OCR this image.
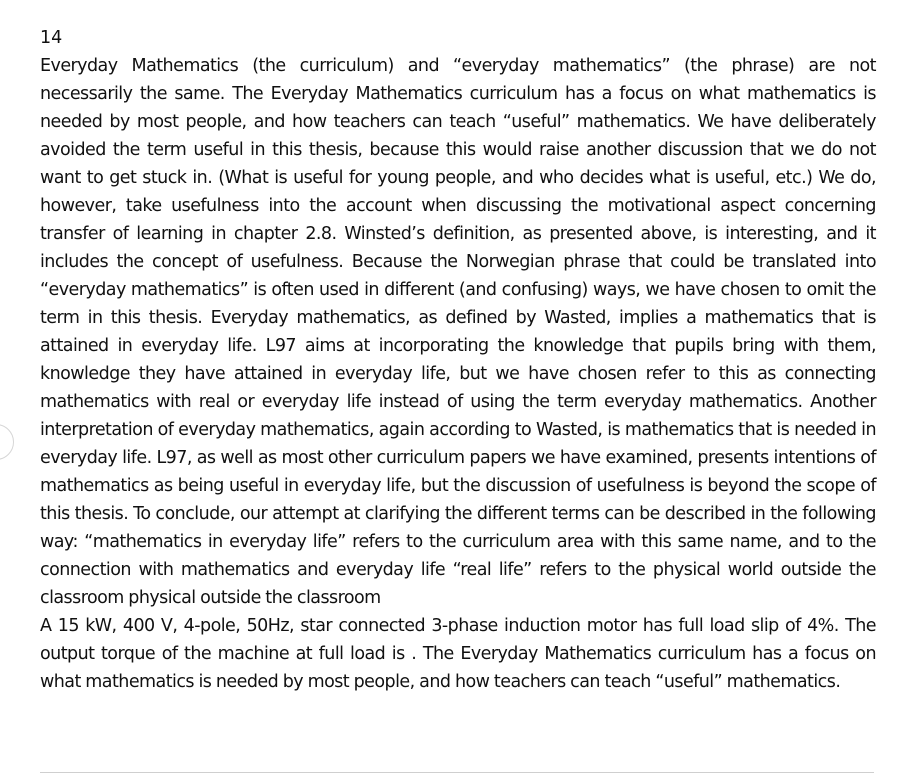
14

Everyday Mathematics (the curriculum) and “everyday mathematics” (the phrase) are not necessarily the same. The Everyday Mathematics curriculum has a focus on what mathematics is needed by most people, and how teachers can teach “useful” mathematics. We have deliberately avoided the term useful in this thesis, because this would raise another discussion that we do not want to get stuck in. (What is useful for young people, and who decides what is useful, etc.) We do, however, take usefulness into the account when discussing the motivational aspect concerning transfer of learning in chapter 2.8. Winsted’s definition, as presented above, is interesting, and it includes the concept of usefulness. Because the Norwegian phrase that could be translated into “everyday mathematics” is often used in different (and confusing) ways, we have chosen to omit the term in this thesis. Everyday mathematics, as defined by Wasted, implies a mathematics that is attained in everyday life. L97 aims at incorporating the knowledge that pupils bring with them, knowledge they have attained in everyday life, but we have chosen refer to this as connecting mathematics with real or everyday life instead of using the term everyday mathematics. Another interpretation of everyday mathematics, again according to Wasted, is mathematics that is needed in everyday life. L97, as well as most other curriculum papers we have examined, presents intentions of mathematics as being useful in everyday life, but the discussion of usefulness is beyond the scope of this thesis. To conclude, our attempt at clarifying the different terms can be described in the following way: “mathematics in everyday life” refers to the curriculum area with this same name, and to the connection with mathematics and everyday life “real life” refers to the physical world outside the classroom physical outside the classroom

A 15 kW, 400 V, 4-pole, 50Hz, star connected 3-phase induction motor has full load slip of 4%. The output torque of the machine at full load is . The Everyday Mathematics curriculum has a focus on what mathematics is needed by most people, and how teachers can teach “useful” mathematics.
